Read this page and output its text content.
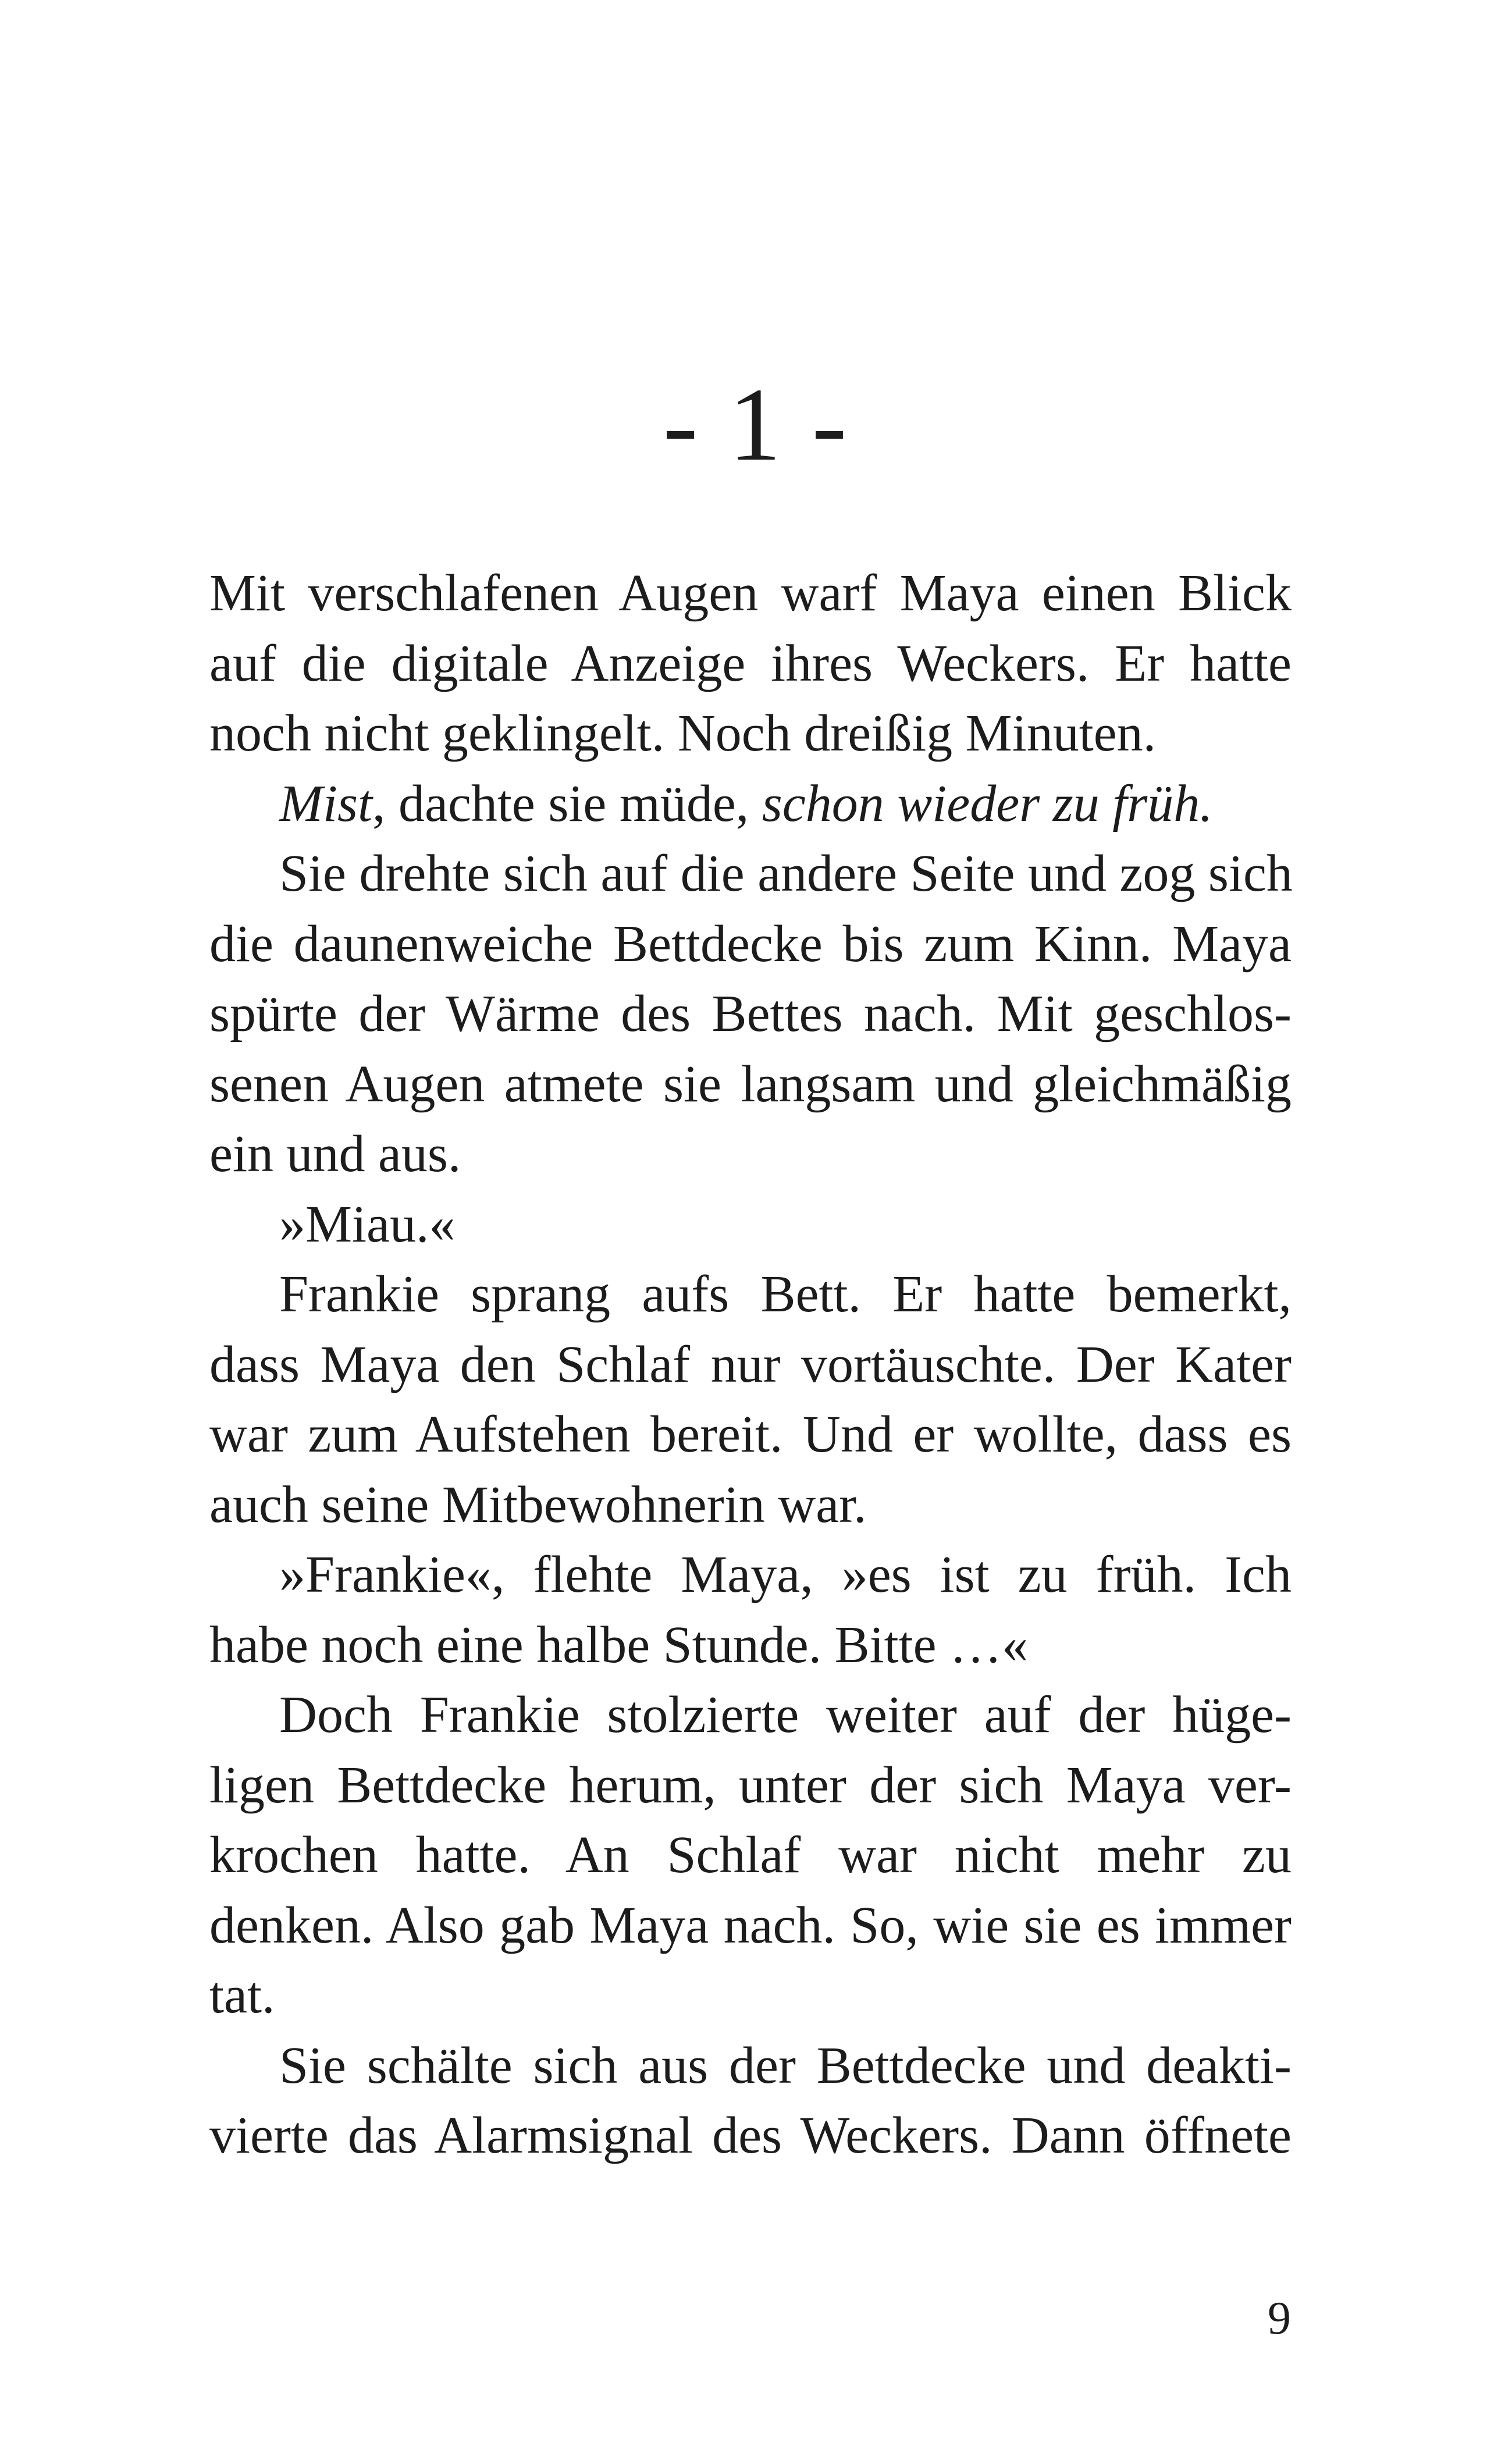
- 1 -
Mit verschlafenen Augen warf Maya einen Blick
auf die digitale Anzeige ihres Weckers. Er hatte
noch nicht geklingelt. Noch dreißig Minuten.
Mist, dachte sie müde, schon wieder zu früh.
Sie drehte sich auf die andere Seite und zog sich
die daunenweiche Bettdecke bis zum Kinn. Maya
spürte der Wärme des Bettes nach. Mit geschlos-
senen Augen atmete sie langsam und gleichmäßig
ein und aus.
»Miau.«
Frankie sprang aufs Bett. Er hatte bemerkt,
dass Maya den Schlaf nur vortäuschte. Der Kater
war zum Aufstehen bereit. Und er wollte, dass es
auch seine Mitbewohnerin war.
»Frankie«, flehte Maya, »es ist zu früh. Ich
habe noch eine halbe Stunde. Bitte …«
Doch Frankie stolzierte weiter auf der hüge-
ligen Bettdecke herum, unter der sich Maya ver-
krochen hatte. An Schlaf war nicht mehr zu
denken. Also gab Maya nach. So, wie sie es immer
tat.
Sie schälte sich aus der Bettdecke und deakti-
vierte das Alarmsignal des Weckers. Dann öffnete
9
